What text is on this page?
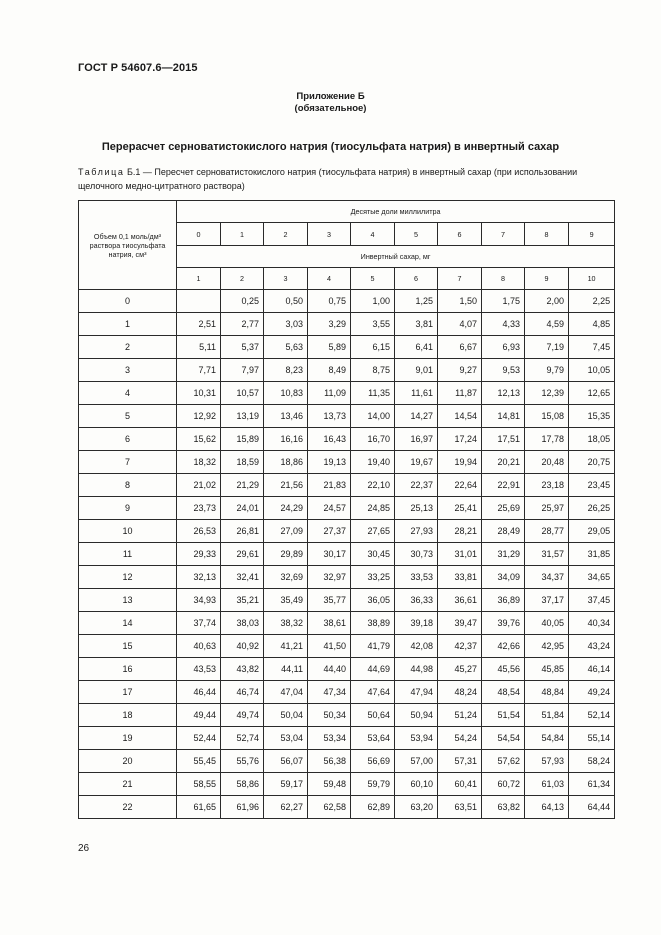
ГОСТ Р 54607.6—2015
Приложение Б
(обязательное)
Перерасчет серноватистокислого натрия (тиосульфата натрия) в инвертный сахар
Таблица Б.1 — Пересчет серноватистокислого натрия (тиосульфата натрия) в инвертный сахар (при использовании щелочного медно-цитратного раствора)
Объем 0,1 моль/дм³ раствора тиосульфата натрия, см³	Десятые доли миллилитра									
	0	1	2	3	4	5	6	7	8	9
	Инвертный сахар, мг									
	1	2	3	4	5	6	7	8	9	10
0		0,25	0,50	0,75	1,00	1,25	1,50	1,75	2,00	2,25
1	2,51	2,77	3,03	3,29	3,55	3,81	4,07	4,33	4,59	4,85
2	5,11	5,37	5,63	5,89	6,15	6,41	6,67	6,93	7,19	7,45
3	7,71	7,97	8,23	8,49	8,75	9,01	9,27	9,53	9,79	10,05
4	10,31	10,57	10,83	11,09	11,35	11,61	11,87	12,13	12,39	12,65
5	12,92	13,19	13,46	13,73	14,00	14,27	14,54	14,81	15,08	15,35
6	15,62	15,89	16,16	16,43	16,70	16,97	17,24	17,51	17,78	18,05
7	18,32	18,59	18,86	19,13	19,40	19,67	19,94	20,21	20,48	20,75
8	21,02	21,29	21,56	21,83	22,10	22,37	22,64	22,91	23,18	23,45
9	23,73	24,01	24,29	24,57	24,85	25,13	25,41	25,69	25,97	26,25
10	26,53	26,81	27,09	27,37	27,65	27,93	28,21	28,49	28,77	29,05
11	29,33	29,61	29,89	30,17	30,45	30,73	31,01	31,29	31,57	31,85
12	32,13	32,41	32,69	32,97	33,25	33,53	33,81	34,09	34,37	34,65
13	34,93	35,21	35,49	35,77	36,05	36,33	36,61	36,89	37,17	37,45
14	37,74	38,03	38,32	38,61	38,89	39,18	39,47	39,76	40,05	40,34
15	40,63	40,92	41,21	41,50	41,79	42,08	42,37	42,66	42,95	43,24
16	43,53	43,82	44,11	44,40	44,69	44,98	45,27	45,56	45,85	46,14
17	46,44	46,74	47,04	47,34	47,64	47,94	48,24	48,54	48,84	49,24
18	49,44	49,74	50,04	50,34	50,64	50,94	51,24	51,54	51,84	52,14
19	52,44	52,74	53,04	53,34	53,64	53,94	54,24	54,54	54,84	55,14
20	55,45	55,76	56,07	56,38	56,69	57,00	57,31	57,62	57,93	58,24
21	58,55	58,86	59,17	59,48	59,79	60,10	60,41	60,72	61,03	61,34
22	61,65	61,96	62,27	62,58	62,89	63,20	63,51	63,82	64,13	64,44
26
